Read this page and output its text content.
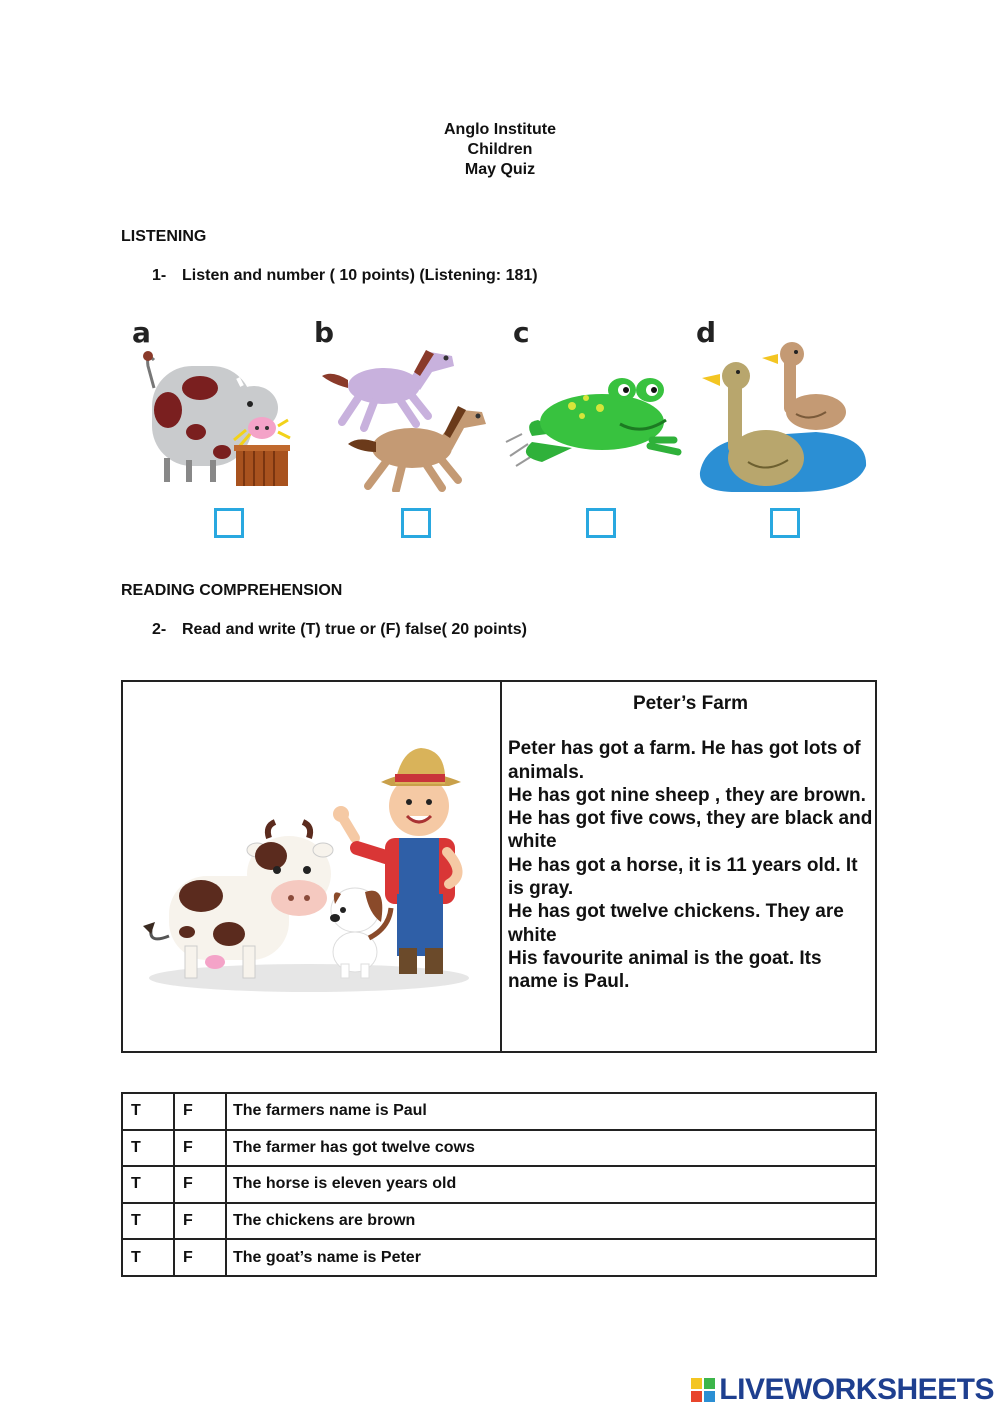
Anglo Institute
Children
May Quiz
LISTENING
1- Listen and number ( 10 points) (Listening: 181)
a	b	c	d
READING COMPREHENSION
2- Read and write (T) true or (F) false( 20 points)
Peter’s Farm

Peter has got a farm. He has got lots of animals.

He has got nine sheep , they are brown.

He has got five cows, they are black and white

He has got a horse, it is 11 years old. It is gray.

He has got twelve chickens. They are white

His favourite animal is the goat. Its name is Paul.

T	F	The farmers name is Paul
T	F	The farmer has got twelve cows
T	F	The horse is eleven years old
T	F	The chickens are brown
T	F	The goat’s name is Peter
LIVEWORKSHEETS
